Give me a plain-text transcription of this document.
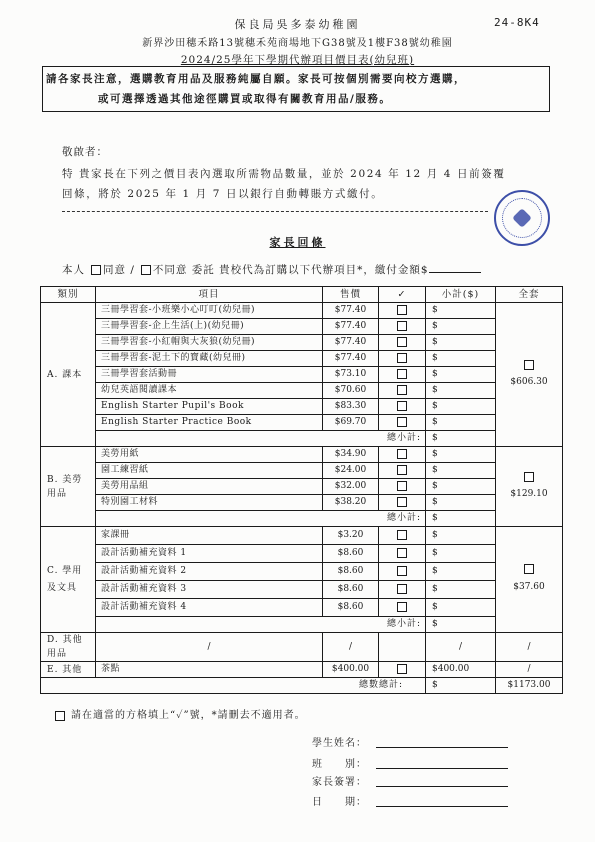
保良局吳多泰幼稚園	24-8K4
新界沙田穗禾路13號穗禾苑商場地下G38號及1樓F38號幼稚園
2024/25學年下學期代辦項目價目表(幼兒班)
請各家長注意，選購教育用品及服務純屬自願。家長可按個別需要向校方選購，
或可選擇透過其他途徑購買或取得有關教育用品/服務。
敬啟者：
特 貴家長在下列之價目表內選取所需物品數量，並於 2024 年 12 月 4 日前簽覆
回條，將於 2025 年 1 月 7 日以銀行自動轉賬方式繳付。
家長回條
本人 同意 / 不同意 委託 貴校代為訂購以下代辦項目*，繳付金額$
類別	項目	售價	✓	小計($)	全套

A. 課本	三冊學習套-小班樂小心叮叮(幼兒冊)	$77.40		$	$606.30
	三冊學習套-企上生活(上)(幼兒冊)	$77.40		$	
	三冊學習套-小紅帽與大灰狼(幼兒冊)	$77.40		$	
	三冊學習套-泥土下的寶藏(幼兒冊)	$77.40		$	
	三冊學習套活動冊	$73.10		$	
	幼兒英語閱讀課本	$70.60		$	
	English Starter Pupil's Book	$83.30		$	
	English Starter Practice Book	$69.70		$	
	總小計:			$	

B. 美勞
用品	美勞用紙	$34.90		$	$129.10
	園工練習紙	$24.00		$	
	美勞用品組	$32.00		$	
	特別園工材料	$38.20		$	
	總小計:			$	

C. 學用
及文具	家課冊	$3.20		$	$37.60
	設計活動補充資料 1	$8.60		$	
	設計活動補充資料 2	$8.60		$	
	設計活動補充資料 3	$8.60		$	
	設計活動補充資料 4	$8.60		$	
	總小計:			$	

D. 其他
用品	/	/		/	/

E. 其他	茶點	$400.00		$400.00	/
總數總計:				$	$1173.00
請在適當的方格填上“✓”號，*請刪去不適用者。
學生姓名：
班　　別：
家長簽署：
日　　期：
